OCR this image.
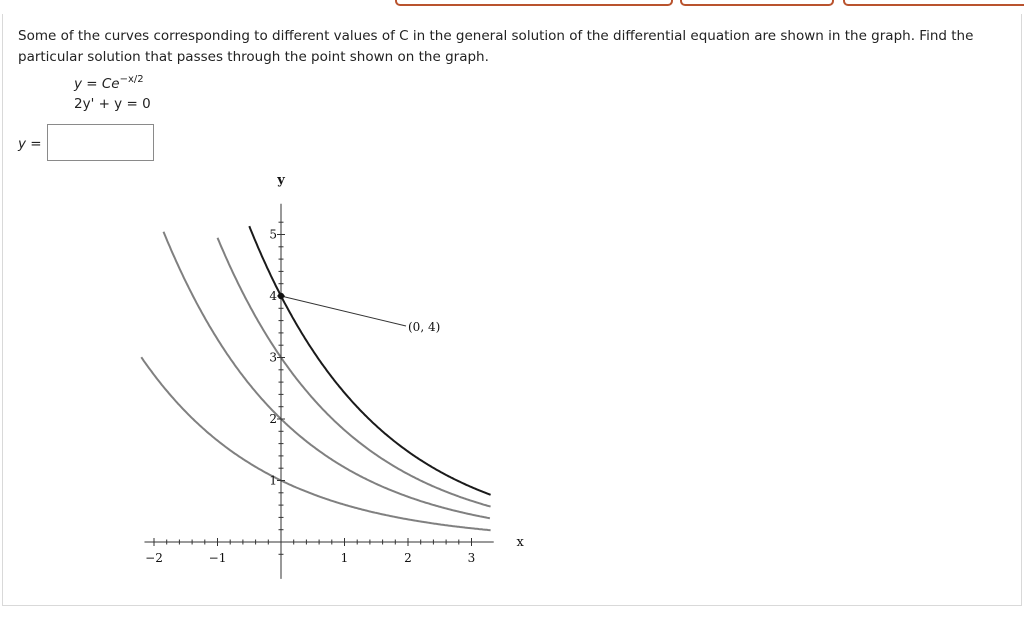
Some of the curves corresponding to different values of C in the general solution of the differential equation are shown in the graph. Find the particular solution that passes through the point shown on the graph.
$y = Ce^{-x/2}$
2y' + y = 0
y =
−2	−1	1	2	3
1
2
3
4
5
x
y
(0, 4)
